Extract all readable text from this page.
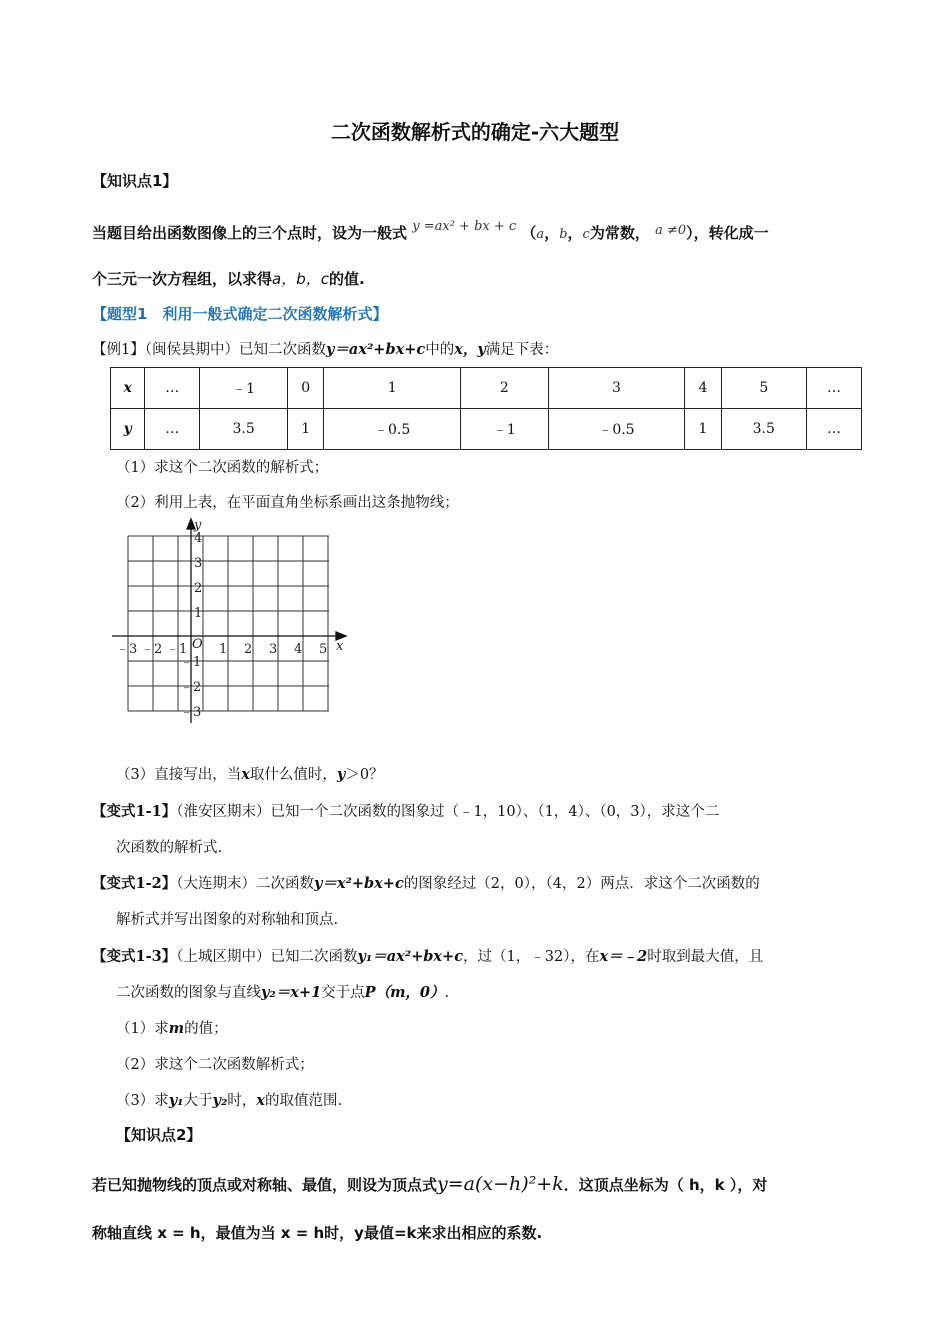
二次函数解析式的确定-六大题型
【知识点1】
当题目给出函数图像上的三个点时，设为一般式 y =ax² + bx + c （a，b，c为常数， a ≠0），转化成一
个三元一次方程组，以求得a，b，c的值.
【题型1　利用一般式确定二次函数解析式】
【例1】（闽侯县期中）已知二次函数y＝ax²+bx+c中的x，y满足下表：
x	…	﹣1	0	1	2	3	4	5	…
y	…	3.5	1	﹣0.5	﹣1	﹣0.5	1	3.5	…
（1）求这个二次函数的解析式；
（2）利用上表，在平面直角坐标系画出这条抛物线；
x
y
O
﹣3 ﹣2 ﹣1 1 2 3 4 5
4
3
2
1
﹣1
﹣2
﹣3
（3）直接写出，当x取什么值时，y＞0？
【变式1-1】（淮安区期末）已知一个二次函数的图象过（﹣1，10）、（1，4）、（0，3），求这个二
次函数的解析式.
【变式1-2】（大连期末）二次函数y＝x²+bx+c的图象经过（2，0），（4，2）两点．求这个二次函数的
解析式并写出图象的对称轴和顶点.
【变式1-3】（上城区期中）已知二次函数y₁＝ax²+bx+c，过（1，﹣32），在x＝﹣2时取到最大值，且
二次函数的图象与直线y₂＝x+1交于点P（m，0）.
（1）求m的值；
（2）求这个二次函数解析式；
（3）求y₁大于y₂时，x的取值范围.
【知识点2】
若已知抛物线的顶点或对称轴、最值，则设为顶点式y=a(x−h)²+k．这顶点坐标为（ h，k ），对
称轴直线 x = h，最值为当 x = h时，y最值=k来求出相应的系数.
